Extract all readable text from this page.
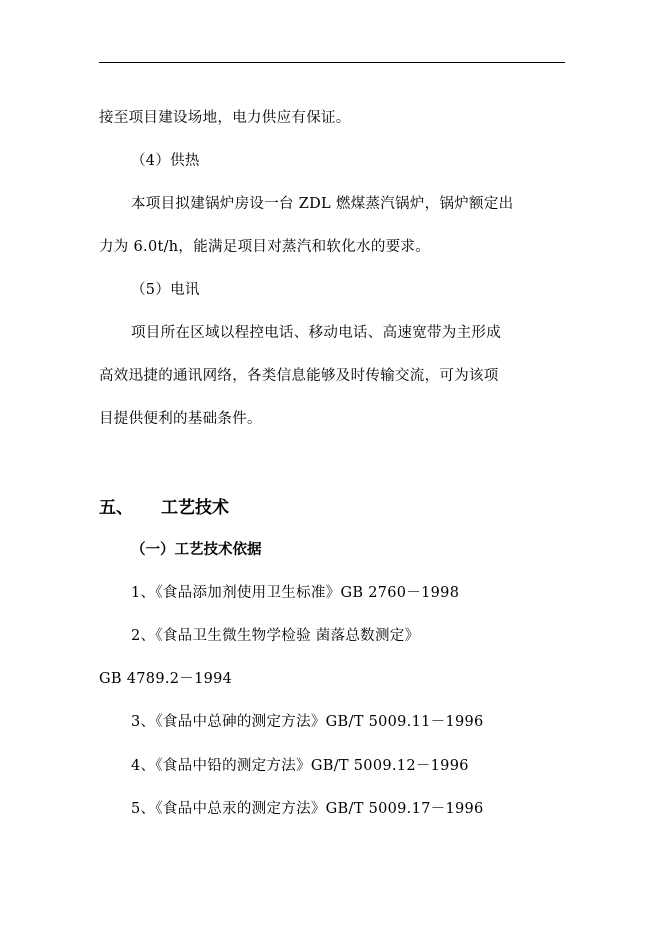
接至项目建设场地，电力供应有保证。
（4）供热
本项目拟建锅炉房设一台 ZDL 燃煤蒸汽锅炉，锅炉额定出
力为 6.0t/h，能满足项目对蒸汽和软化水的要求。
（5）电讯
项目所在区域以程控电话、移动电话、高速宽带为主形成
高效迅捷的通讯网络，各类信息能够及时传输交流，可为该项
目提供便利的基础条件。
五、 工艺技术
（一）工艺技术依据
1、《食品添加剂使用卫生标准》GB 2760－1998
2、《食品卫生微生物学检验 菌落总数测定》
GB 4789.2－1994
3、《食品中总砷的测定方法》GB/T 5009.11－1996
4、《食品中铅的测定方法》GB/T 5009.12－1996
5、《食品中总汞的测定方法》GB/T 5009.17－1996
